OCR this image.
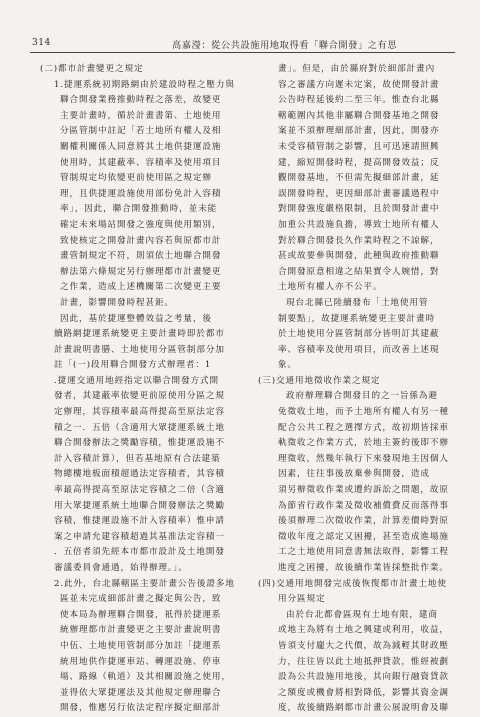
314	高嘉瀅：從公共設施用地取得看「聯合開發」之有思

(二)都市計畫變更之規定

1.捷運系統初期路網由於建設時程之壓力與

聯合開發業務推動時程之落差，故變更

主要計畫時，循於計畫書第、土地使用

分區管制中註記「若土地所有權人及相

關權利關係人同意將其土地供捷運設施

使用時，其建蔽率、容積率及使用項目

管制規定均依變更前使用區之規定辦

理，且供捷運設施使用部份免計入容積

率」，因此，聯合開發推動時，並未能

確定未來場站開發之強度與使用類別，

致使核定之開發計畫內容若與原都市計

畫管制規定不符，則須依土地聯合開發

辦法第六條規定另行辦理都市計畫變更

之作業，造成上述機關第二次變更主要

計畫，影響開發時程甚鉅。

因此，基於捷運整體效益之考量，後

續路網捷運系統變更主要計畫時即於都市

計畫說明書膳、土地使用分區管制部分加

註「(一)段用聯合開發方式辦理者：1

.捷運交通用地經指定以聯合開發方式開

發者，其建蔽率依變更前原使用分區之規

定辦理，其容積率最高得提高至原法定容

積之一．五倍（含適用大眾捷運系統土地

聯合開發辦法之獎勵容積，惟捷運設施不

計入容積計算），但若基地原有合法建築

物總樓地板面積超過法定容積者，其容積

率最高得提高至原法定容積之二倍（含適

用大眾捷運系統土地聯合開發辦法之獎勵

容積，惟捷運設施不計入容積率）惟申請

案之申請允建容積超過其基准法定容積一

．五倍者須先經本市都市設計及土地開發

審議委員會通過，始得辦理。」。

2.此外，台北縣轄區主要計畫公告後證多地

區並未完成細部計畫之擬定與公告，致

使本局為辦理聯合開發，祇得於捷運系

統辦理都市計畫變更之主要計畫說明書

中伍、土地使用管制部分加註「捷運系

統用地供作捷運車站、轉運設施、停車

場、路線（軌道）及其相關設施之使用，

並得依大眾捷運法及其他規定辦理聯合

開發，惟應另行依法定程序擬定細部計

畫」。但是，由於縣府對於細部計畫內

容之審議方向遲未定案，故使開發計畫

公告時程延後約二至三年。惟查台北縣

轄範圍內其他非屬聯合開發基地之開發

案並不須辦理細部計畫，因此，開發亦

未受容積管制之影響，且可迅速請照興

建，縮短開發時程，提高開發效益；反

觀開發基地，不但需先擬細部計畫，延

誤開發時程，更因細部計畫審議過程中

對開發強度嚴格限制，且於開發計畫中

加重公共設施負擔，導致土地所有權人

對於聯合開發長久作業時程之不諒解，

甚或故要參與開發，此種與政府推動聯

合開發原意相違之結果實令人婉惜，對

土地所有權人亦不公平。

現台北縣已陸續發布「土地使用管

制要點」，故捷運系統變更主要計畫時

於土地使用分區管制部分皆明訂其建蔽

率、容積率及使用項目，而改善上述現

象。

(三)交通用地徵收作業之規定

政府辦理聯合開發目的之一旨係為避

免徵收土地，而予土地所有權人有另一種

配合公共工程之選擇方式，故初期皆採車

軌徵收之作業方式，於地主簽約後即不辦

理徵收，然幾年執行下來發現地主因個人

因素，往往事後放棄參與開發，造成

須另辦徵收作業或遭約訴訟之問題，故原

為節省行政作業及徵收補償費反而落得事

後須辦理二次徵收作業，計算差價時對原

徵收年度之認定又困擾，甚至造成進場施

工之土地使用同意書無法取得，影響工程

進度之困擾，故後續作業皆採整批作業。

(四)交通用地開發完成後恢復都市計畫土地使

用分區規定

由於台北都會區現有土地有限，建商

或地主為將有土地之興建或利用，收益，

皆須支付龐大之代價，故為減輕其財政壓

力，往往皆以此土地抵押貸款，惟經被劃

設為公共設施用地後，其向銀行融資貸款

之額度或機會將相對降低，影響其資金調

度，故後續路網都市計畫公展說明會及聯
